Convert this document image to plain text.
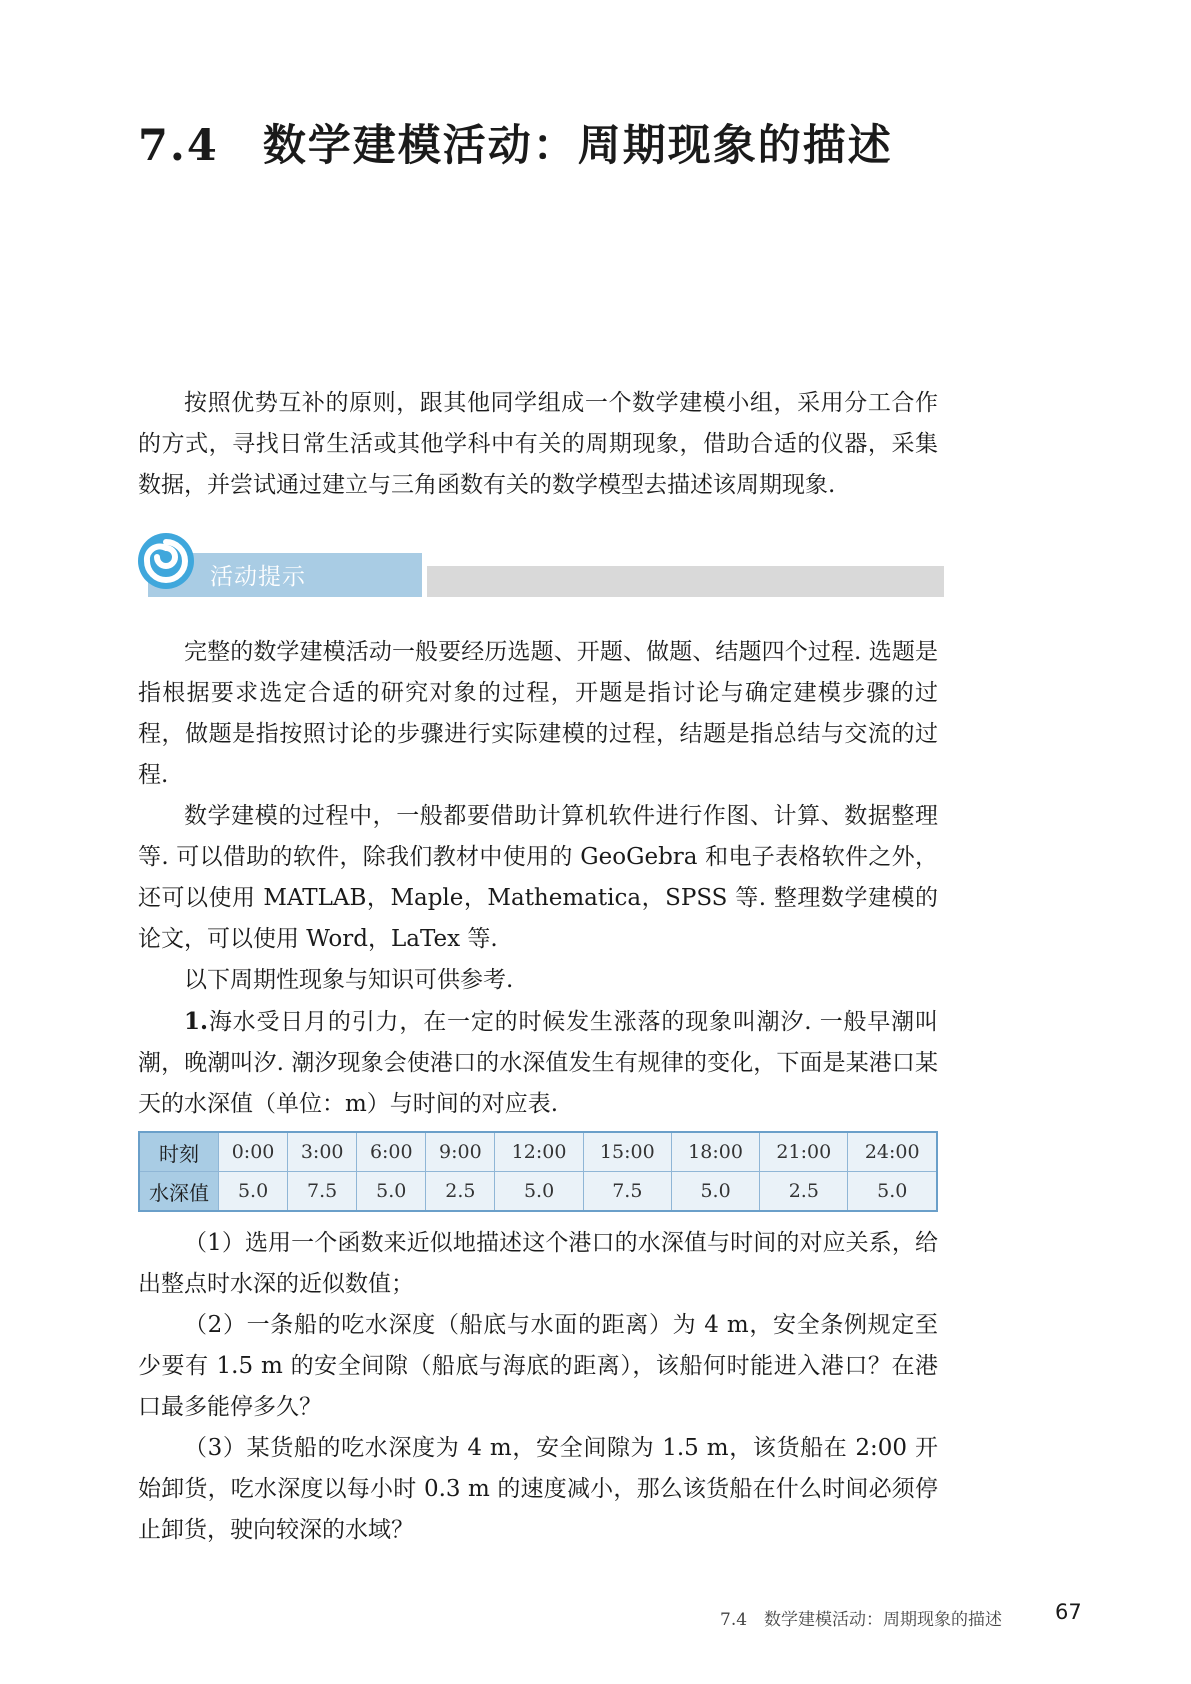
7.4 数学建模活动：周期现象的描述

按照优势互补的原则，跟其他同学组成一个数学建模小组，采用分工合作的方式，寻找日常生活或其他学科中有关的周期现象，借助合适的仪器，采集数据，并尝试通过建立与三角函数有关的数学模型去描述该周期现象.

活动提示

完整的数学建模活动一般要经历选题、开题、做题、结题四个过程. 选题是指根据要求选定合适的研究对象的过程，开题是指讨论与确定建模步骤的过程，做题是指按照讨论的步骤进行实际建模的过程，结题是指总结与交流的过程.

数学建模的过程中，一般都要借助计算机软件进行作图、计算、数据整理等. 可以借助的软件，除我们教材中使用的 GeoGebra 和电子表格软件之外，还可以使用 MATLAB，Maple，Mathematica，SPSS 等. 整理数学建模的论文，可以使用 Word，LaTex 等.

以下周期性现象与知识可供参考.

1.海水受日月的引力，在一定的时候发生涨落的现象叫潮汐. 一般早潮叫潮，晚潮叫汐. 潮汐现象会使港口的水深值发生有规律的变化，下面是某港口某天的水深值（单位：m）与时间的对应表.

时刻	0:00	3:00	6:00	9:00	12:00	15:00	18:00	21:00	24:00
水深值	5.0	7.5	5.0	2.5	5.0	7.5	5.0	2.5	5.0

（1）选用一个函数来近似地描述这个港口的水深值与时间的对应关系，给出整点时水深的近似数值；

（2）一条船的吃水深度（船底与水面的距离）为 4 m，安全条例规定至少要有 1.5 m 的安全间隙（船底与海底的距离），该船何时能进入港口？在港口最多能停多久？

（3）某货船的吃水深度为 4 m，安全间隙为 1.5 m，该货船在 2:00 开始卸货，吃水深度以每小时 0.3 m 的速度减小，那么该货船在什么时间必须停止卸货，驶向较深的水域？

7.4　数学建模活动：周期现象的描述	67
